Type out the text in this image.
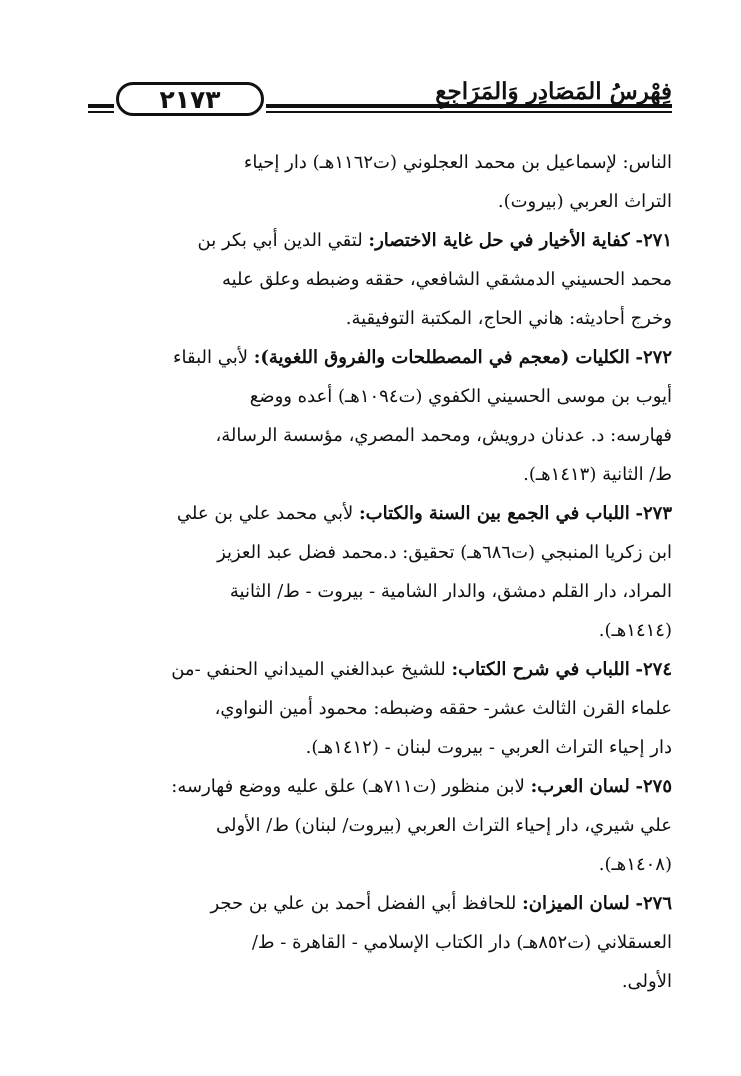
٢١٧٣	فِهْرِسُ المَصَادِرِ وَالمَرَاجِعِ

الناس: لإسماعيل بن محمد العجلوني (ت١١٦٢هـ) دار إحياء
التراث العربي (بيروت).

٢٧١- كفاية الأخيار في حل غاية الاختصار: لتقي الدين أبي بكر بن
محمد الحسيني الدمشقي الشافعي، حققه وضبطه وعلق عليه
وخرج أحاديثه: هاني الحاج، المكتبة التوفيقية.

٢٧٢- الكليات (معجم في المصطلحات والفروق اللغوية): لأبي البقاء
أيوب بن موسى الحسيني الكفوي (ت١٠٩٤هـ) أعده ووضع
فهارسه: د. عدنان درويش، ومحمد المصري، مؤسسة الرسالة،
ط/ الثانية (١٤١٣هـ).

٢٧٣- اللباب في الجمع بين السنة والكتاب: لأبي محمد علي بن علي
ابن زكريا المنبجي (ت٦٨٦هـ) تحقيق: د.محمد فضل عبد العزيز
المراد، دار القلم دمشق، والدار الشامية - بيروت - ط/ الثانية
(١٤١٤هـ).

٢٧٤- اللباب في شرح الكتاب: للشيخ عبدالغني الميداني الحنفي -من
علماء القرن الثالث عشر- حققه وضبطه: محمود أمين النواوي،
دار إحياء التراث العربي - بيروت لبنان - (١٤١٢هـ).

٢٧٥- لسان العرب: لابن منظور (ت٧١١هـ) علق عليه ووضع فهارسه:
علي شيري، دار إحياء التراث العربي (بيروت/ لبنان) ط/ الأولى
(١٤٠٨هـ).

٢٧٦- لسان الميزان: للحافظ أبي الفضل أحمد بن علي بن حجر
العسقلاني (ت٨٥٢هـ) دار الكتاب الإسلامي - القاهرة - ط/
الأولى.
